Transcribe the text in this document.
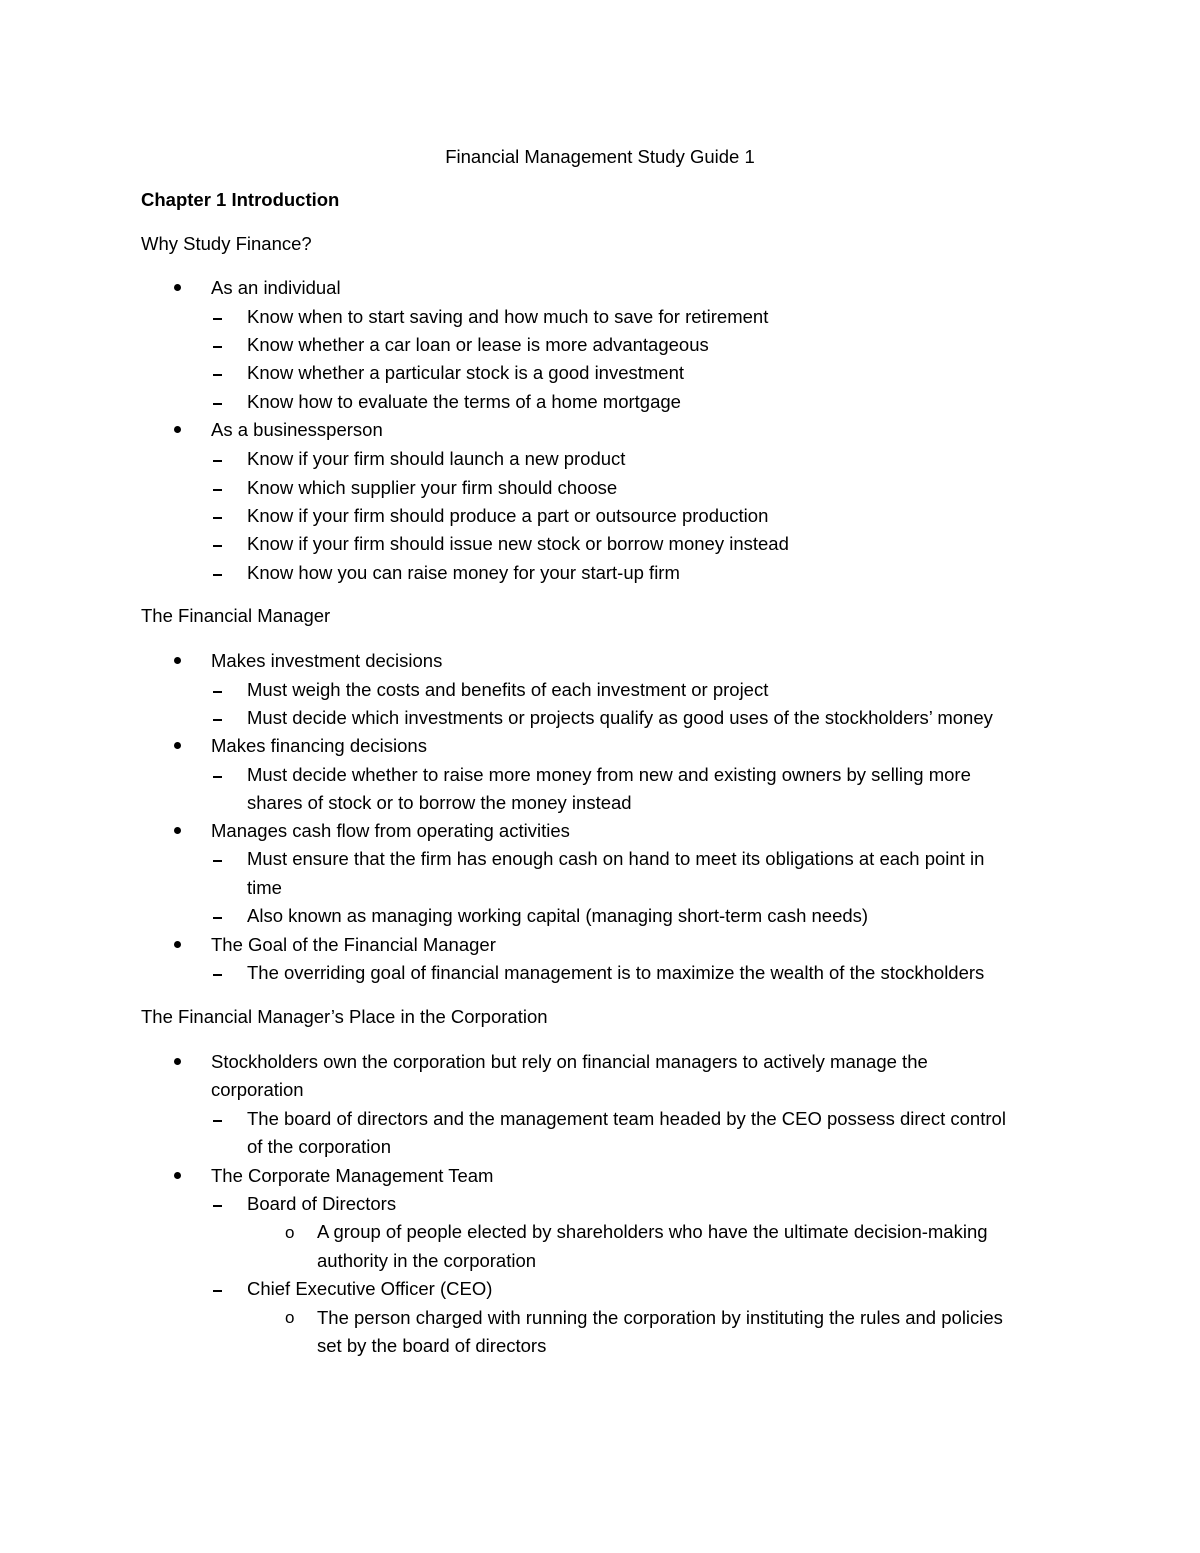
Financial Management Study Guide 1
Chapter 1 Introduction
Why Study Finance?
As an individual
Know when to start saving and how much to save for retirement
Know whether a car loan or lease is more advantageous
Know whether a particular stock is a good investment
Know how to evaluate the terms of a home mortgage
As a businessperson
Know if your firm should launch a new product
Know which supplier your firm should choose
Know if your firm should produce a part or outsource production
Know if your firm should issue new stock or borrow money instead
Know how you can raise money for your start-up firm
The Financial Manager
Makes investment decisions
Must weigh the costs and benefits of each investment or project
Must decide which investments or projects qualify as good uses of the stockholders’ money
Makes financing decisions
Must decide whether to raise more money from new and existing owners by selling more
shares of stock or to borrow the money instead
Manages cash flow from operating activities
Must ensure that the firm has enough cash on hand to meet its obligations at each point in
time
Also known as managing working capital (managing short-term cash needs)
The Goal of the Financial Manager
The overriding goal of financial management is to maximize the wealth of the stockholders
The Financial Manager’s Place in the Corporation
Stockholders own the corporation but rely on financial managers to actively manage the
corporation
The board of directors and the management team headed by the CEO possess direct control
of the corporation
The Corporate Management Team
Board of Directors
o A group of people elected by shareholders who have the ultimate decision-making
authority in the corporation
Chief Executive Officer (CEO)
o The person charged with running the corporation by instituting the rules and policies
set by the board of directors
